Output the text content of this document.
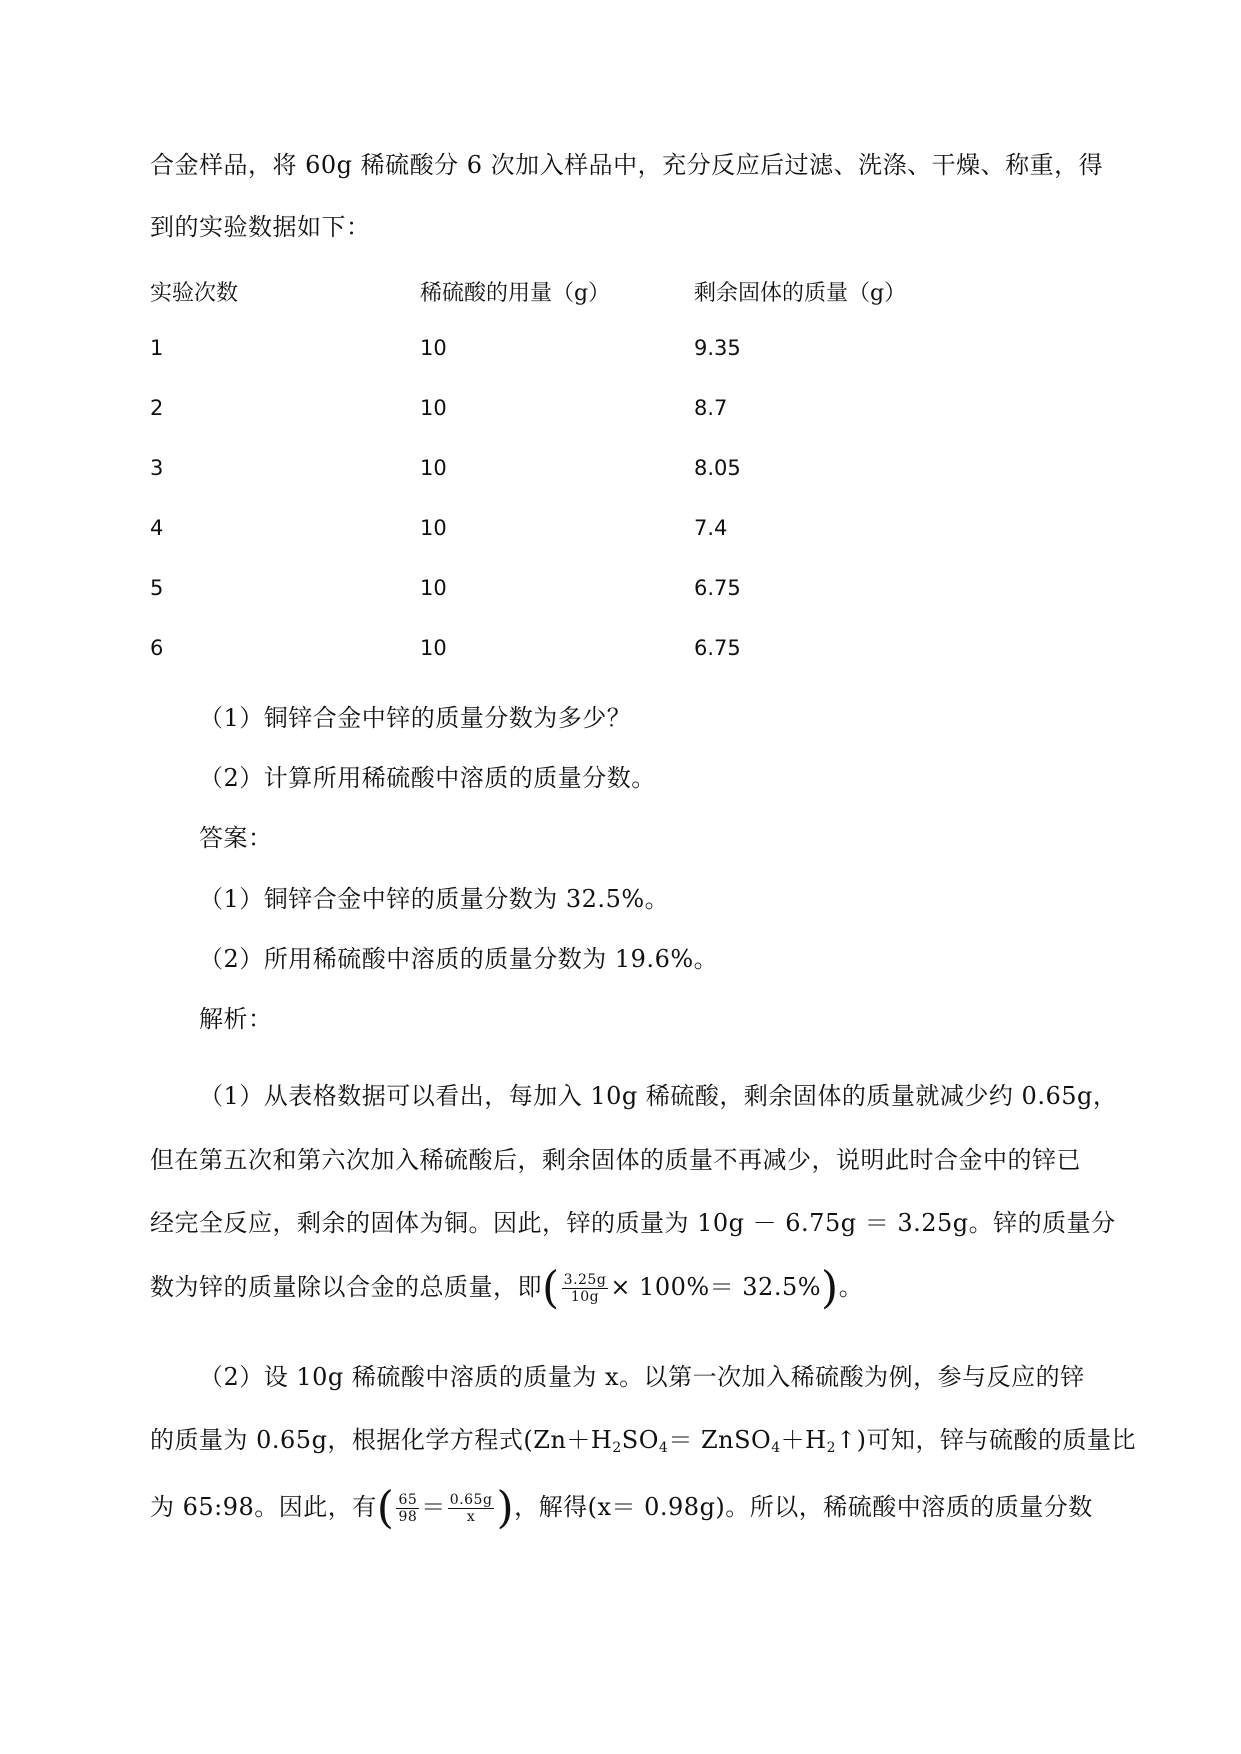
合金样品，将 60g 稀硫酸分 6 次加入样品中，充分反应后过滤、洗涤、干燥、称重，得
到的实验数据如下：
实验次数	稀硫酸的用量（g）	剩余固体的质量（g）
1	10	9.35
2	10	8.7
3	10	8.05
4	10	7.4
5	10	6.75
6	10	6.75
（1）铜锌合金中锌的质量分数为多少？
（2）计算所用稀硫酸中溶质的质量分数。
答案：
（1）铜锌合金中锌的质量分数为 32.5%。
（2）所用稀硫酸中溶质的质量分数为 19.6%。
解析：
（1）从表格数据可以看出，每加入 10g 稀硫酸，剩余固体的质量就减少约 0.65g，
但在第五次和第六次加入稀硫酸后，剩余固体的质量不再减少，说明此时合金中的锌已
经完全反应，剩余的固体为铜。因此，锌的质量为 10g － 6.75g ＝ 3.25g。锌的质量分
数为锌的质量除以合金的总质量，即( $\frac{3.25g}{10g} \times 100\%= 32.5\%$)。
（2）设 10g 稀硫酸中溶质的质量为 x。以第一次加入稀硫酸为例，参与反应的锌
的质量为 0.65g，根据化学方程式($Zn+H_2SO_4=$ $ZnSO_4+H_2↑$)可知，锌与硫酸的质量比
为 65:98。因此，有( $\frac{65}{98} = \frac{0.65g}{x}$ )，解得(x＝ 0.98g)。所以，稀硫酸中溶质的质量分数
